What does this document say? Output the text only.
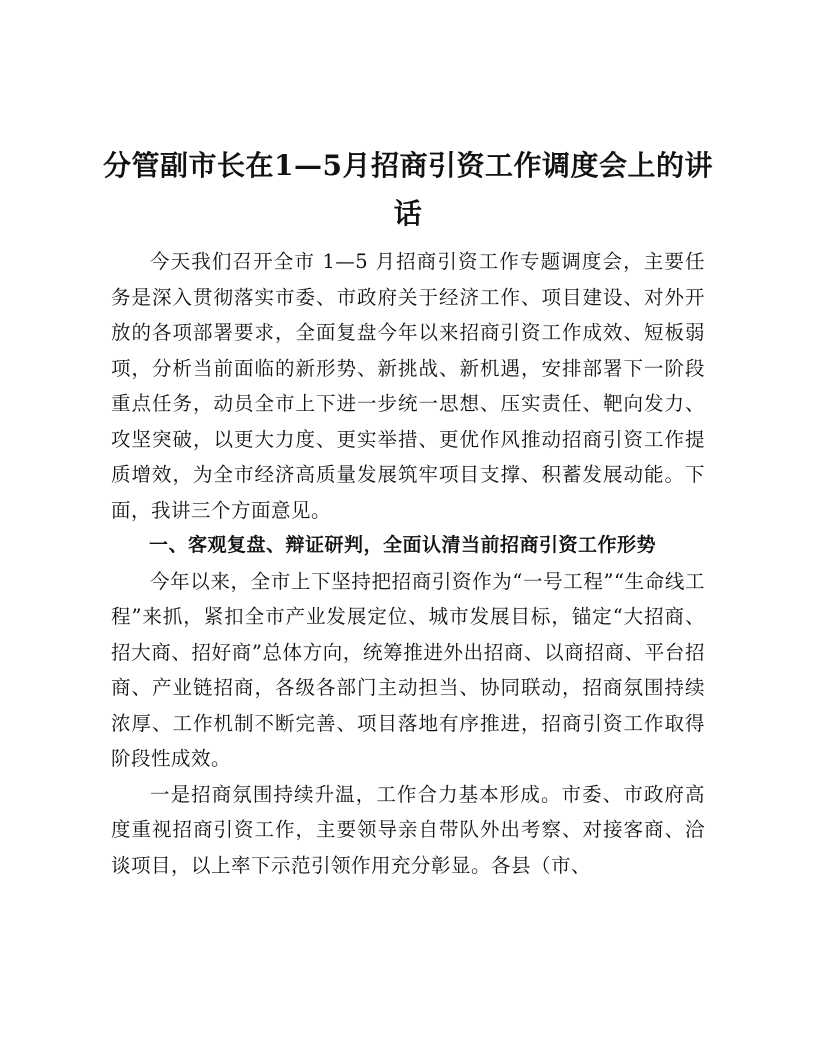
分管副市长在1—5月招商引资工作调度会上的讲话

今天我们召开全市 1—5 月招商引资工作专题调度会，主要任务是深入贯彻落实市委、市政府关于经济工作、项目建设、对外开放的各项部署要求，全面复盘今年以来招商引资工作成效、短板弱项，分析当前面临的新形势、新挑战、新机遇，安排部署下一阶段重点任务，动员全市上下进一步统一思想、压实责任、靶向发力、攻坚突破，以更大力度、更实举措、更优作风推动招商引资工作提质增效，为全市经济高质量发展筑牢项目支撑、积蓄发展动能。下面，我讲三个方面意见。

一、客观复盘、辩证研判，全面认清当前招商引资工作形势

今年以来，全市上下坚持把招商引资作为“一号工程”“生命线工程”来抓，紧扣全市产业发展定位、城市发展目标，锚定“大招商、招大商、招好商”总体方向，统筹推进外出招商、以商招商、平台招商、产业链招商，各级各部门主动担当、协同联动，招商氛围持续浓厚、工作机制不断完善、项目落地有序推进，招商引资工作取得阶段性成效。

一是招商氛围持续升温，工作合力基本形成。市委、市政府高度重视招商引资工作，主要领导亲自带队外出考察、对接客商、洽谈项目，以上率下示范引领作用充分彰显。各县（市、
